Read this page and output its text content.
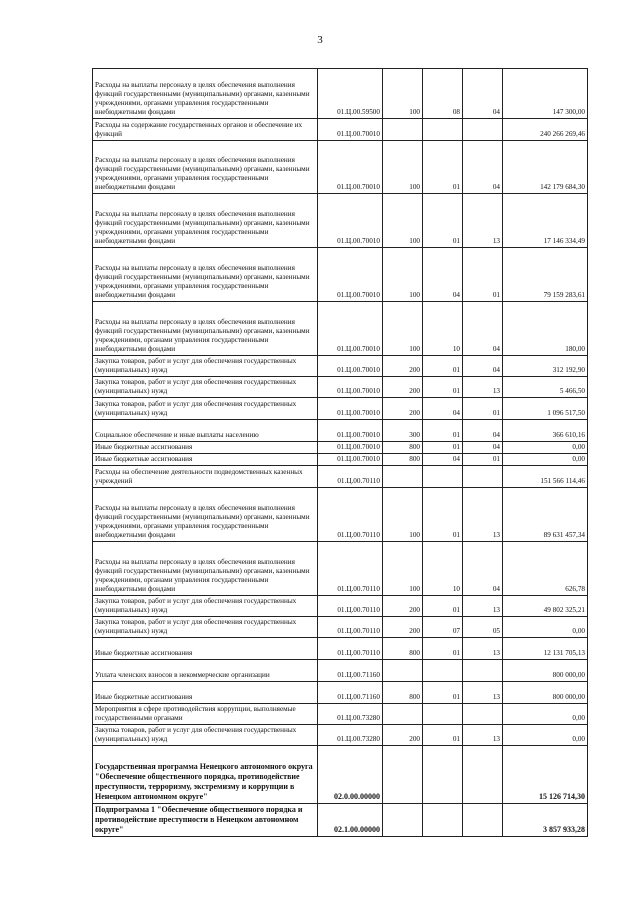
3
Расходы на выплаты персоналу в целях обеспечения выполнения функций государственными (муниципальными) органами, казенными учреждениями, органами управления государственными внебюджетными фондами	01.Ц.00.59500	100	08	04	147 300,00
Расходы на содержание государственных органов и обеспечение их функций	01.Ц.00.70010				240 266 269,46
Расходы на выплаты персоналу в целях обеспечения выполнения функций государственными (муниципальными) органами, казенными учреждениями, органами управления государственными внебюджетными фондами	01.Ц.00.70010	100	01	04	142 179 684,30
Расходы на выплаты персоналу в целях обеспечения выполнения функций государственными (муниципальными) органами, казенными учреждениями, органами управления государственными внебюджетными фондами	01.Ц.00.70010	100	01	13	17 146 334,49
Расходы на выплаты персоналу в целях обеспечения выполнения функций государственными (муниципальными) органами, казенными учреждениями, органами управления государственными внебюджетными фондами	01.Ц.00.70010	100	04	01	79 159 283,61
Расходы на выплаты персоналу в целях обеспечения выполнения функций государственными (муниципальными) органами, казенными учреждениями, органами управления государственными внебюджетными фондами	01.Ц.00.70010	100	10	04	180,00
Закупка товаров, работ и услуг для обеспечения государственных (муниципальных) нужд	01.Ц.00.70010	200	01	04	312 192,90
Закупка товаров, работ и услуг для обеспечения государственных (муниципальных) нужд	01.Ц.00.70010	200	01	13	5 466,50
Закупка товаров, работ и услуг для обеспечения государственных (муниципальных) нужд	01.Ц.00.70010	200	04	01	1 096 517,50
Социальное обеспечение и иные выплаты населению	01.Ц.00.70010	300	01	04	366 610,16
Иные бюджетные ассигнования	01.Ц.00.70010	800	01	04	0,00
Иные бюджетные ассигнования	01.Ц.00.70010	800	04	01	0,00
Расходы на обеспечение деятельности подведомственных казенных учреждений	01.Ц.00.70110				151 566 114,46
Расходы на выплаты персоналу в целях обеспечения выполнения функций государственными (муниципальными) органами, казенными учреждениями, органами управления государственными внебюджетными фондами	01.Ц.00.70110	100	01	13	89 631 457,34
Расходы на выплаты персоналу в целях обеспечения выполнения функций государственными (муниципальными) органами, казенными учреждениями, органами управления государственными внебюджетными фондами	01.Ц.00.70110	100	10	04	626,78
Закупка товаров, работ и услуг для обеспечения государственных (муниципальных) нужд	01.Ц.00.70110	200	01	13	49 802 325,21
Закупка товаров, работ и услуг для обеспечения государственных (муниципальных) нужд	01.Ц.00.70110	200	07	05	0,00
Иные бюджетные ассигнования	01.Ц.00.70110	800	01	13	12 131 705,13
Уплата членских взносов в некоммерческие организации	01.Ц.00.71160				800 000,00
Иные бюджетные ассигнования	01.Ц.00.71160	800	01	13	800 000,00
Мероприятия в сфере противодействия коррупции, выполняемые государственными органами	01.Ц.00.73280				0,00
Закупка товаров, работ и услуг для обеспечения государственных (муниципальных) нужд	01.Ц.00.73280	200	01	13	0,00
Государственная программа Ненецкого автономного округа "Обеспечение общественного порядка, противодействие преступности, терроризму, экстремизму и коррупции в Ненецком автономном округе"	02.0.00.00000				15 126 714,30
Подпрограмма 1 "Обеспечение общественного порядка и противодействие преступности в Ненецком автономном округе"	02.1.00.00000				3 857 933,28
